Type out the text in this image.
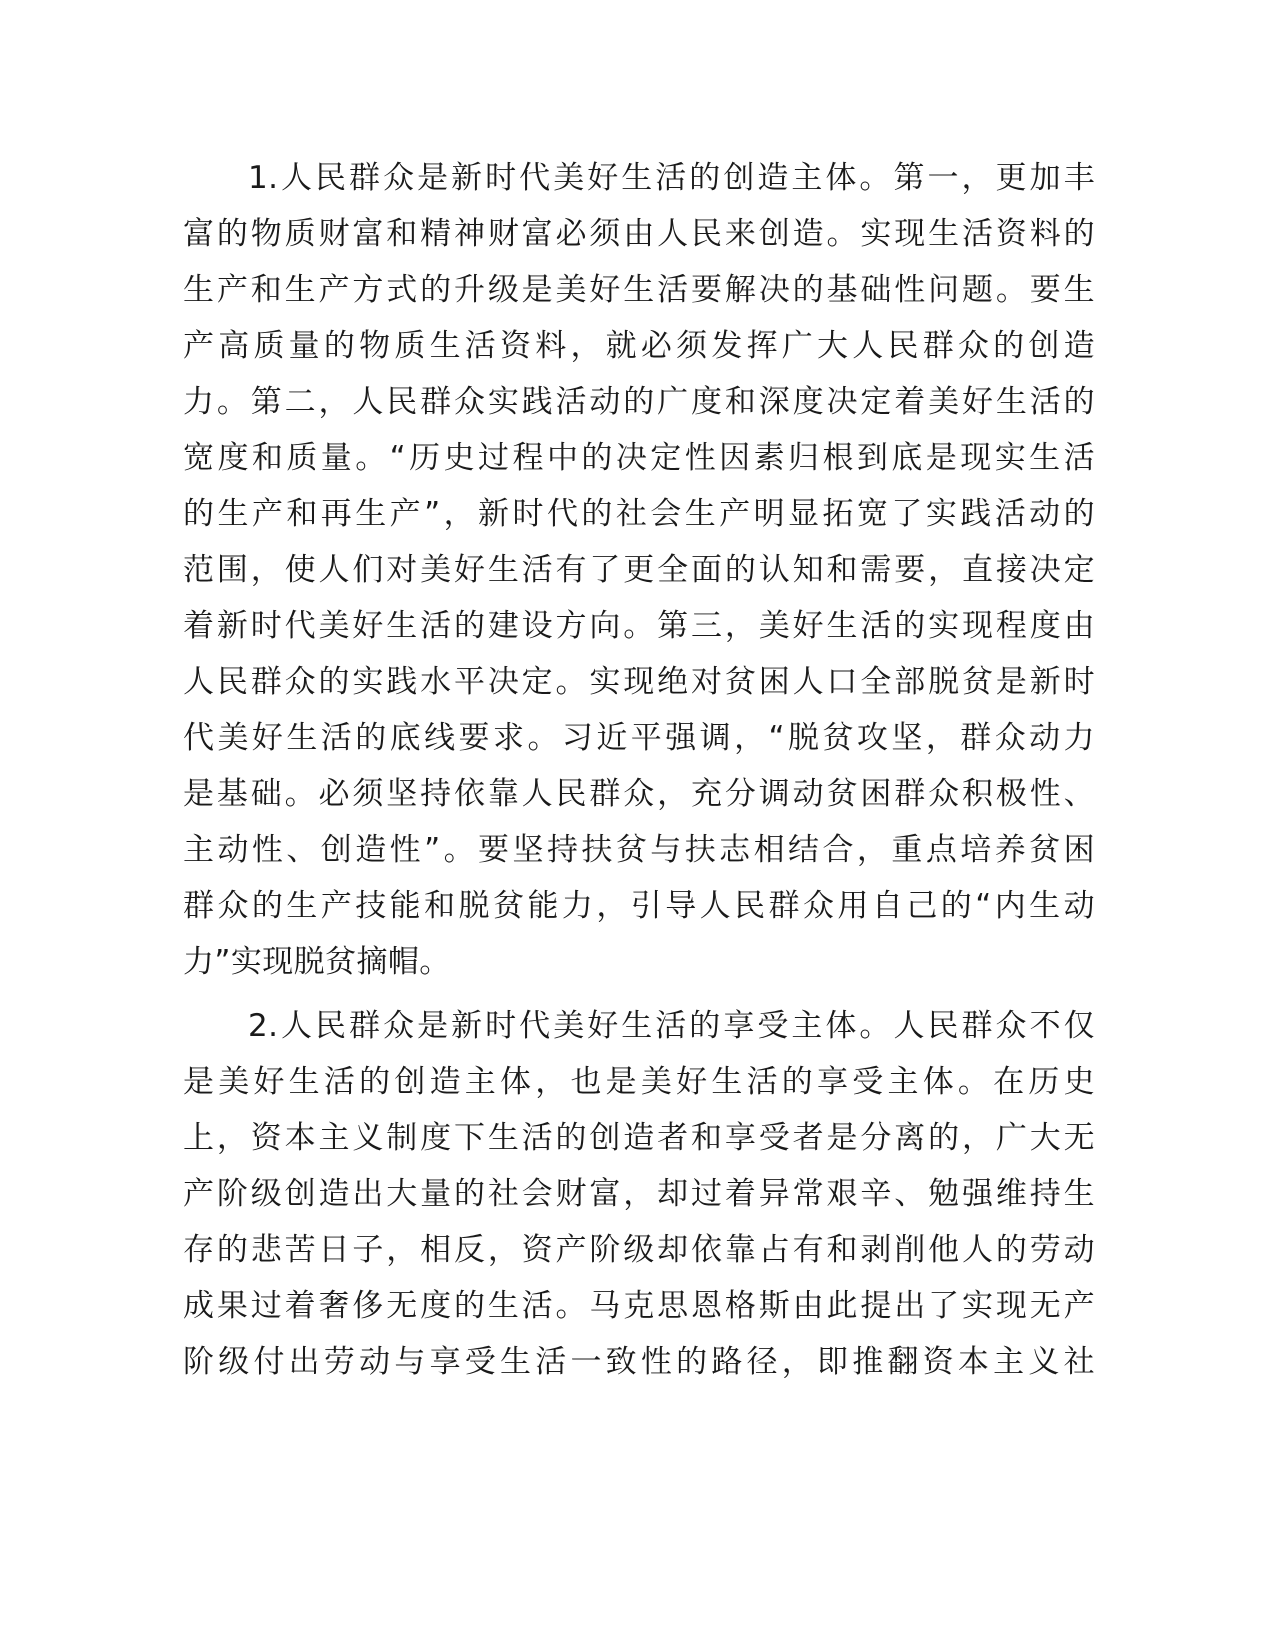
1.人民群众是新时代美好生活的创造主体。第一，更加丰
富的物质财富和精神财富必须由人民来创造。实现生活资料的
生产和生产方式的升级是美好生活要解决的基础性问题。要生
产高质量的物质生活资料，就必须发挥广大人民群众的创造
力。第二，人民群众实践活动的广度和深度决定着美好生活的
宽度和质量。“历史过程中的决定性因素归根到底是现实生活
的生产和再生产”，新时代的社会生产明显拓宽了实践活动的
范围，使人们对美好生活有了更全面的认知和需要，直接决定
着新时代美好生活的建设方向。第三，美好生活的实现程度由
人民群众的实践水平决定。实现绝对贫困人口全部脱贫是新时
代美好生活的底线要求。习近平强调，“脱贫攻坚，群众动力
是基础。必须坚持依靠人民群众，充分调动贫困群众积极性、
主动性、创造性”。要坚持扶贫与扶志相结合，重点培养贫困
群众的生产技能和脱贫能力，引导人民群众用自己的“内生动
力”实现脱贫摘帽。
2.人民群众是新时代美好生活的享受主体。人民群众不仅
是美好生活的创造主体，也是美好生活的享受主体。在历史
上，资本主义制度下生活的创造者和享受者是分离的，广大无
产阶级创造出大量的社会财富，却过着异常艰辛、勉强维持生
存的悲苦日子，相反，资产阶级却依靠占有和剥削他人的劳动
成果过着奢侈无度的生活。马克思恩格斯由此提出了实现无产
阶级付出劳动与享受生活一致性的路径，即推翻资本主义社
